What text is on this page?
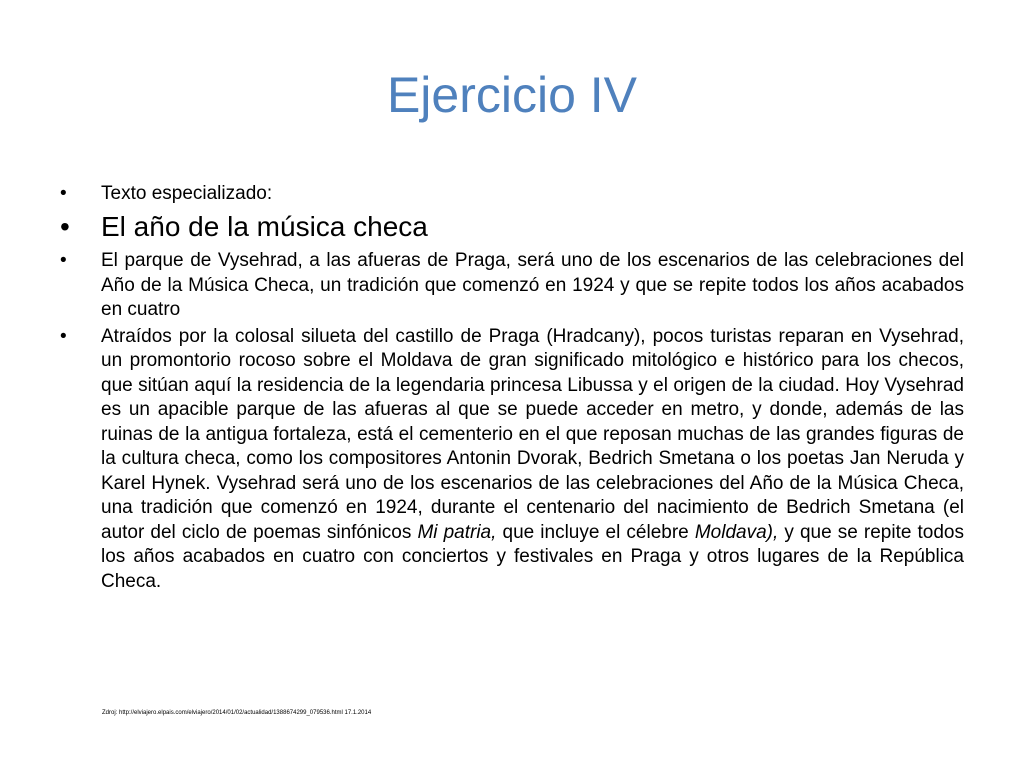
Ejercicio IV
•	Texto especializado:
•	El año de la música checa
•	El parque de Vysehrad, a las afueras de Praga, será uno de los escenarios de las celebraciones del Año de la Música Checa, un tradición que comenzó en 1924 y que se repite todos los años acabados en cuatro
•	Atraídos por la colosal silueta del castillo de Praga (Hradcany), pocos turistas reparan en Vysehrad, un promontorio rocoso sobre el Moldava de gran significado mitológico e histórico para los checos, que sitúan aquí la residencia de la legendaria princesa Libussa y el origen de la ciudad. Hoy Vysehrad es un apacible parque de las afueras al que se puede acceder en metro, y donde, además de las ruinas de la antigua fortaleza, está el cementerio en el que reposan muchas de las grandes figuras de la cultura checa, como los compositores Antonin Dvorak, Bedrich Smetana o los poetas Jan Neruda y Karel Hynek. Vysehrad será uno de los escenarios de las celebraciones del Año de la Música Checa, una tradición que comenzó en 1924, durante el centenario del nacimiento de Bedrich Smetana (el autor del ciclo de poemas sinfónicos Mi patria, que incluye el célebre Moldava), y que se repite todos los años acabados en cuatro con conciertos y festivales en Praga y otros lugares de la República Checa.
Zdroj: http://elviajero.elpais.com/elviajero/2014/01/02/actualidad/1388674299_079536.html 17.1.2014
